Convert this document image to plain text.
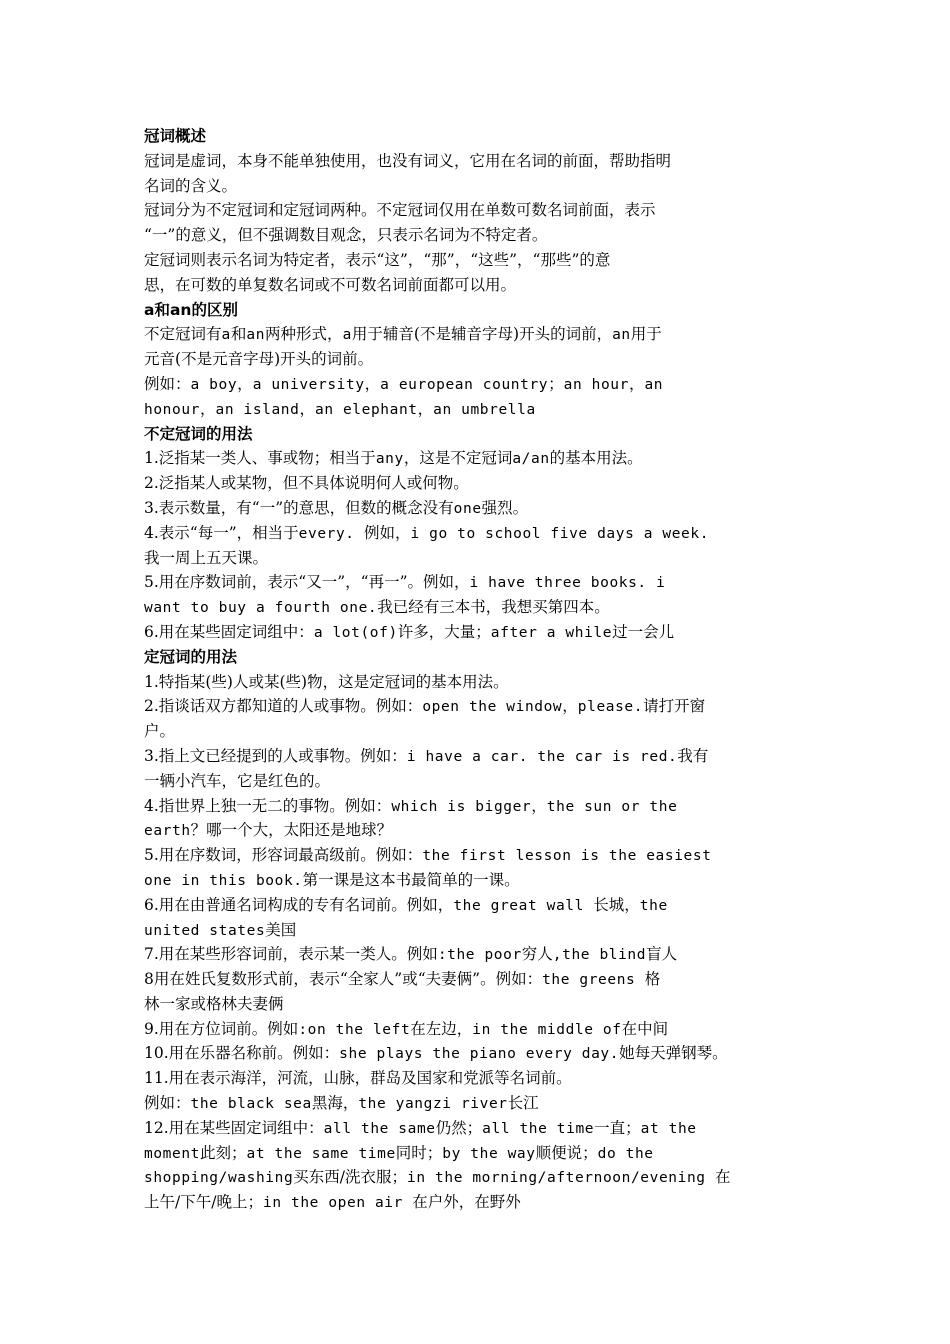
冠词概述
冠词是虚词，本身不能单独使用，也没有词义，它用在名词的前面，帮助指明
名词的含义。
冠词分为不定冠词和定冠词两种。不定冠词仅用在单数可数名词前面，表示
“一”的意义，但不强调数目观念，只表示名词为不特定者。
定冠词则表示名词为特定者，表示“这”，“那”，“这些”，“那些”的意
思，在可数的单复数名词或不可数名词前面都可以用。
a和an的区别
不定冠词有a和an两种形式，a用于辅音(不是辅音字母)开头的词前，an用于
元音(不是元音字母)开头的词前。
例如：a boy，a university，a european country；an hour，an
honour，an island，an elephant，an umbrella
不定冠词的用法
1.泛指某一类人、事或物；相当于any，这是不定冠词a/an的基本用法。
2.泛指某人或某物，但不具体说明何人或何物。
3.表示数量，有“一”的意思，但数的概念没有one强烈。
4.表示“每一”，相当于every. 例如，i go to school five days a week.
我一周上五天课。
5.用在序数词前，表示“又一”，“再一”。例如，i have three books. i
want to buy a fourth one.我已经有三本书，我想买第四本。
6.用在某些固定词组中：a lot(of)许多，大量；after a while过一会儿
定冠词的用法
1.特指某(些)人或某(些)物，这是定冠词的基本用法。
2.指谈话双方都知道的人或事物。例如：open the window，please.请打开窗
户。
3.指上文已经提到的人或事物。例如：i have a car. the car is red.我有
一辆小汽车，它是红色的。
4.指世界上独一无二的事物。例如：which is bigger，the sun or the
earth？哪一个大，太阳还是地球？
5.用在序数词，形容词最高级前。例如：the first lesson is the easiest
one in this book.第一课是这本书最简单的一课。
6.用在由普通名词构成的专有名词前。例如，the great wall 长城，the
united states美国
7.用在某些形容词前，表示某一类人。例如:the poor穷人,the blind盲人
8用在姓氏复数形式前，表示“全家人”或“夫妻俩”。例如：the greens 格
林一家或格林夫妻俩
9.用在方位词前。例如:on the left在左边，in the middle of在中间
10.用在乐器名称前。例如：she plays the piano every day.她每天弹钢琴。
11.用在表示海洋，河流，山脉，群岛及国家和党派等名词前。
例如：the black sea黑海，the yangzi river长江
12.用在某些固定词组中：all the same仍然；all the time一直；at the
moment此刻；at the same time同时；by the way顺便说；do the
shopping/washing买东西/洗衣服；in the morning/afternoon/evening 在
上午/下午/晚上；in the open air 在户外，在野外
